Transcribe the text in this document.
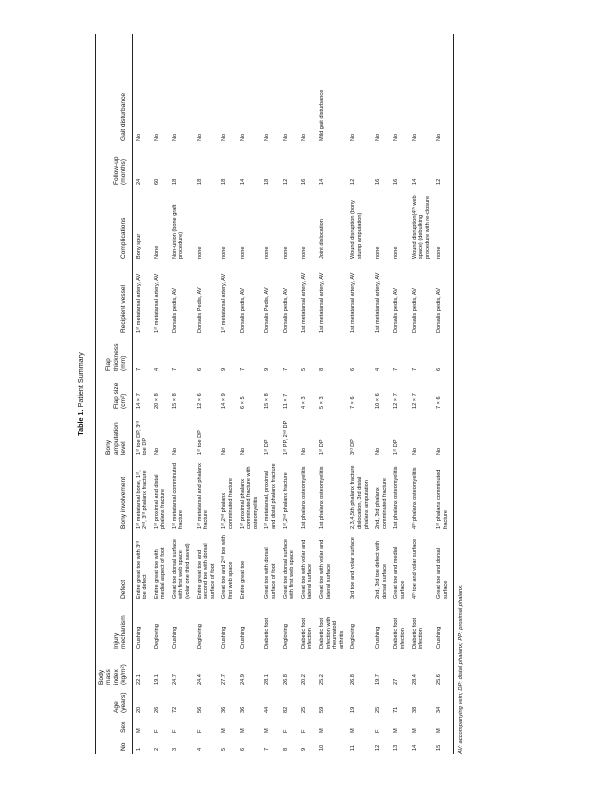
Table 1. Patient Summary
No	Sex	Age (years)	Body mass index (kg/m²)	Injury mechanism	Defect	Bony involvement	Bony amputation level	Flap size (cm²)	Flap thickness (mm)	Recipient vessel	Complications	Follow-up (months)	Gait disturbance
1	M	20	22.1	Crushing	Entire great toe with 3ʳᵈ toe defect	1ˢᵗ metatarsal bone, 1ˢᵗ, 2ⁿᵈ, 3ʳᵈ phalanx fracture	1ˢᵗ toe DP, 3ʳᵈ toe DP	14 × 7	7	1ˢᵗ metatarsal artery, AV	Bony spur	24	No
2	F	26	19.1	Degloving	Entire great toe with medial aspect of foot	1ˢᵗ proximal and distal phalanx fracture	No	20 × 8	4	1ˢᵗ metatarsal artery, AV	None	60	No
3	F	72	24.7	Crushing	Great toe dorsal surface with first web space (volar one third saved)	1ˢᵗ metatarsal comminuted fracture	No	15 × 8	7	Dorsalis pedis, AV	Non-union (bone graft procedure)	18	No
4	F	56	24.4	Degloving	Entire great toe and second toe with dorsal surface of foot	1ˢᵗ metatarsal and phalanx fracture	1ˢᵗ toe DP	12 × 6	6	Dorsalis Pedis, AV	none	18	No
5	M	36	27.7	Crushing	Great toe and 2ⁿᵈ toe with first web space	1ˢᵗ,2ⁿᵈ phalanx comminuted fracture	No	14 × 9	9	1ˢᵗ metatarsal artery, AV	none	18	No
6	M	36	24.9	Crushing	Entire great toe	1ˢᵗ proximal phalanx comminuted fracture with osteomyelitis	No	6 × 5	7	Dorsalis pedis, AV	none	14	No
7	M	44	28.1	Diabetic foot	Great toe with dorsal surface of foot	1ˢᵗ metatarsal, proximal and distal phalanx fracture	1ˢᵗ DP	15 × 8	9	Dorsalis Pedis, AV	none	18	No
8	F	82	26.8	Degloving	Great toe dorsal surface with first web space	1ˢᵗ,2ⁿᵈ phalanx fracture	1ˢᵗ PP, 2ⁿᵈ DP	11 × 7	7	Dorsalis pedis, AV	none	12	No
9	F	25	20.2	Diabetic foot infection	Great toe with volar and lateral surface	1st phalanx osteomyelitis	No	4 × 3	5	1st metatarsal artery, AV	none	16	No
10	M	59	25.2	Diabetic foot infection with rheumatoid arthritis	Great toe with volar and lateral surface	1st phalanx osteomyelitis	1ˢᵗ DP	5 × 3	8	1st metatarsal artery, AV	Joint dislocation	14	Mild gait disturbance
11	M	19	26.8	Degloving	3rd toe and volar surface	2,3,4,5th phalanx fracture dislocation, 3rd distal phalanx amputation	3ʳᵈ DP	7 × 6	6	1st metatarsal artery, AV	Wound disruption (bony stump amputation)	12	No
12	F	25	19.7	Crushing	2nd, 3rd toe defect with dorsal surface	2nd, 3rd phalanx comminuted fracture	No	10 × 6	4	1st metatarsal artery, AV	none	16	No
13	M	71	27	Diabetic foot infection	Great toe and medial surface	1st phalanx osteomyelitis	1ˢᵗ DP	12 × 7	7	Dorsalis pedis, AV	none	16	No
14	M	38	28.4	Diabetic foot infection	4ᵗʰ toe and volar surface	4ᵗʰ phalanx osteomyelitis	No	12 × 7	7	Dorsalis pedis, AV	Wound disruption(4ᵗʰ web space) (debulking procedure with re-closure	14	No
15	M	34	25.6	Crushing	Great toe and dorsal surface	1ˢᵗ phalanx comminuted fracture	No	7 × 6	6	Dorsalis pedis, AV	none	12	No
AV: accompanying vein; DP: distal phalanx; PP: proximal phalanx.
